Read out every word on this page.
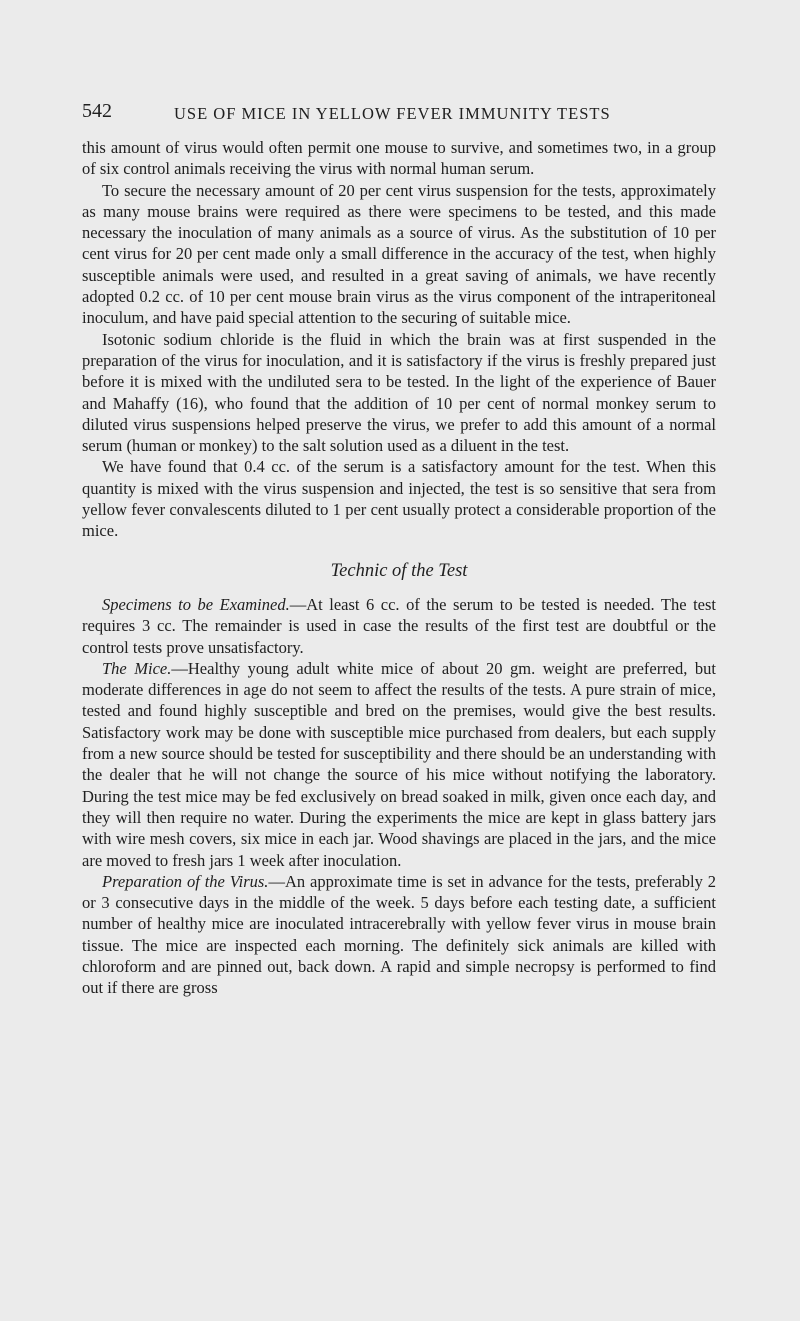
542	USE OF MICE IN YELLOW FEVER IMMUNITY TESTS

this amount of virus would often permit one mouse to survive, and sometimes two, in a group of six control animals receiving the virus with normal human serum.

To secure the necessary amount of 20 per cent virus suspension for the tests, approximately as many mouse brains were required as there were specimens to be tested, and this made necessary the inoculation of many animals as a source of virus. As the substitution of 10 per cent virus for 20 per cent made only a small difference in the accuracy of the test, when highly susceptible animals were used, and resulted in a great saving of animals, we have recently adopted 0.2 cc. of 10 per cent mouse brain virus as the virus component of the intraperitoneal inoculum, and have paid special attention to the securing of suitable mice.

Isotonic sodium chloride is the fluid in which the brain was at first suspended in the preparation of the virus for inoculation, and it is satisfactory if the virus is freshly prepared just before it is mixed with the undiluted sera to be tested. In the light of the experience of Bauer and Mahaffy (16), who found that the addition of 10 per cent of normal monkey serum to diluted virus suspensions helped preserve the virus, we prefer to add this amount of a normal serum (human or monkey) to the salt solution used as a diluent in the test.

We have found that 0.4 cc. of the serum is a satisfactory amount for the test. When this quantity is mixed with the virus suspension and injected, the test is so sensitive that sera from yellow fever convalescents diluted to 1 per cent usually protect a considerable proportion of the mice.

Technic of the Test

Specimens to be Examined.—At least 6 cc. of the serum to be tested is needed. The test requires 3 cc. The remainder is used in case the results of the first test are doubtful or the control tests prove unsatisfactory.

The Mice.—Healthy young adult white mice of about 20 gm. weight are preferred, but moderate differences in age do not seem to affect the results of the tests. A pure strain of mice, tested and found highly susceptible and bred on the premises, would give the best results. Satisfactory work may be done with susceptible mice purchased from dealers, but each supply from a new source should be tested for susceptibility and there should be an understanding with the dealer that he will not change the source of his mice without notifying the laboratory. During the test mice may be fed exclusively on bread soaked in milk, given once each day, and they will then require no water. During the experiments the mice are kept in glass battery jars with wire mesh covers, six mice in each jar. Wood shavings are placed in the jars, and the mice are moved to fresh jars 1 week after inoculation.

Preparation of the Virus.—An approximate time is set in advance for the tests, preferably 2 or 3 consecutive days in the middle of the week. 5 days before each testing date, a sufficient number of healthy mice are inoculated intracerebrally with yellow fever virus in mouse brain tissue. The mice are inspected each morning. The definitely sick animals are killed with chloroform and are pinned out, back down. A rapid and simple necropsy is performed to find out if there are gross
